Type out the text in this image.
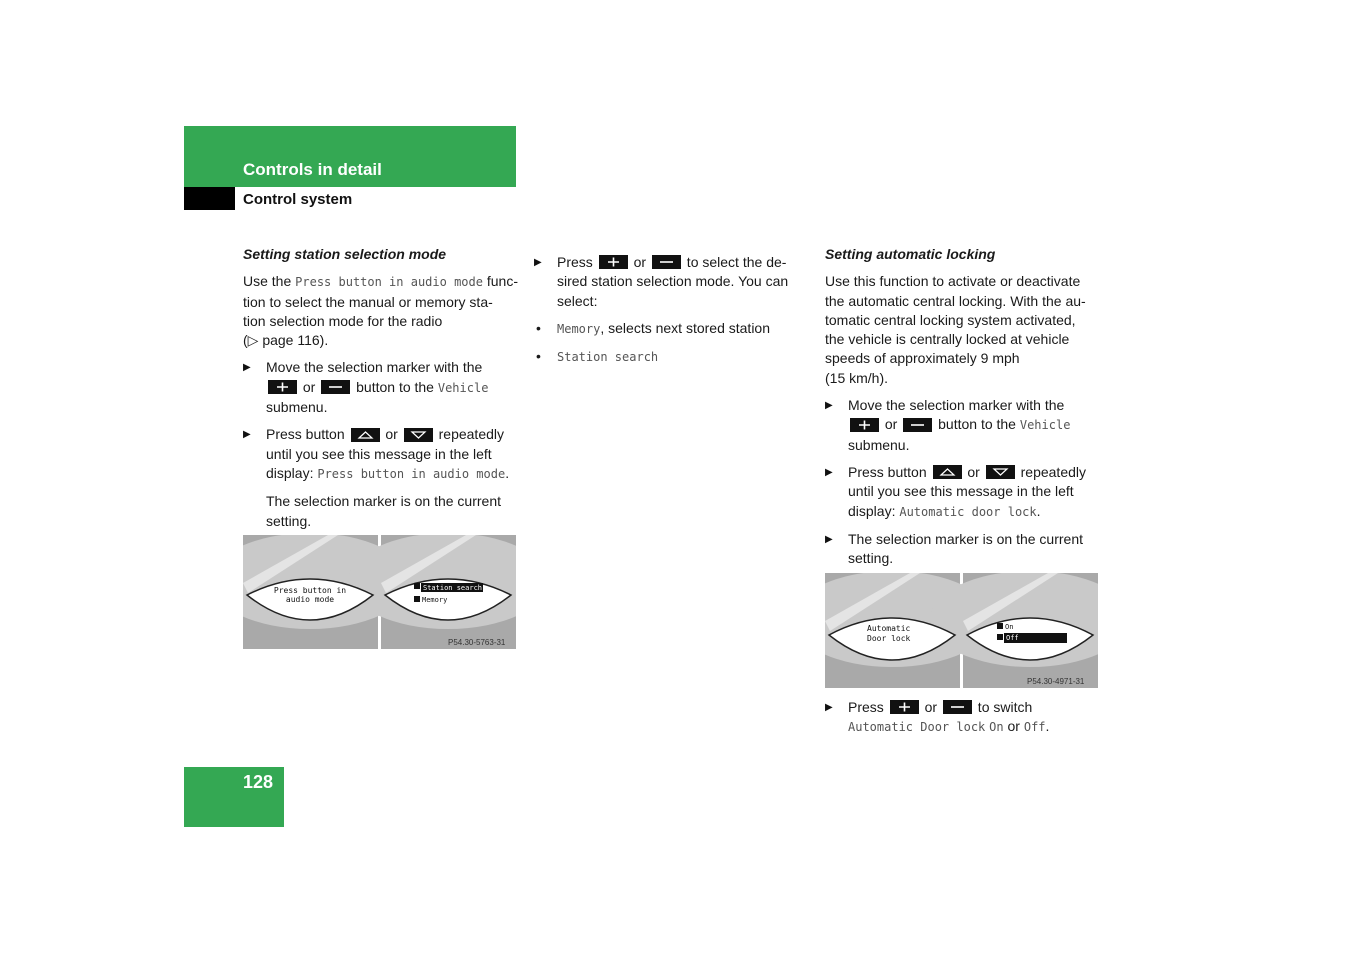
Controls in detail
Control system

Setting station selection mode

Use the Press button in audio mode func-
tion to select the manual or memory sta-
tion selection mode for the radio
(▷ page 116).

▶ Move the selection marker with the

or
button to the Vehicle
submenu.

▶ Press button
or
repeatedly
until you see this message in the left
display: Press button in audio mode.

The selection marker is on the current
setting.

Press button in
audio mode
Station search
Memory
P54.30-5763-31

▶ Press
or
to select the de-
sired station selection mode. You can
select:

• Memory, selects next stored station

• Station search

Setting automatic locking

Use this function to activate or deactivate
the automatic central locking. With the au-
tomatic central locking system activated,
the vehicle is centrally locked at vehicle
speeds of approximately 9 mph
(15 km/h).

▶ Move the selection marker with the

or
button to the Vehicle
submenu.

▶ Press button
or
repeatedly
until you see this message in the left
display: Automatic door lock.

▶ The selection marker is on the current
setting.

Automatic
Door lock
On
Off
P54.30-4971-31

▶ Press
or
to switch
Automatic Door lock On or Off.

128
